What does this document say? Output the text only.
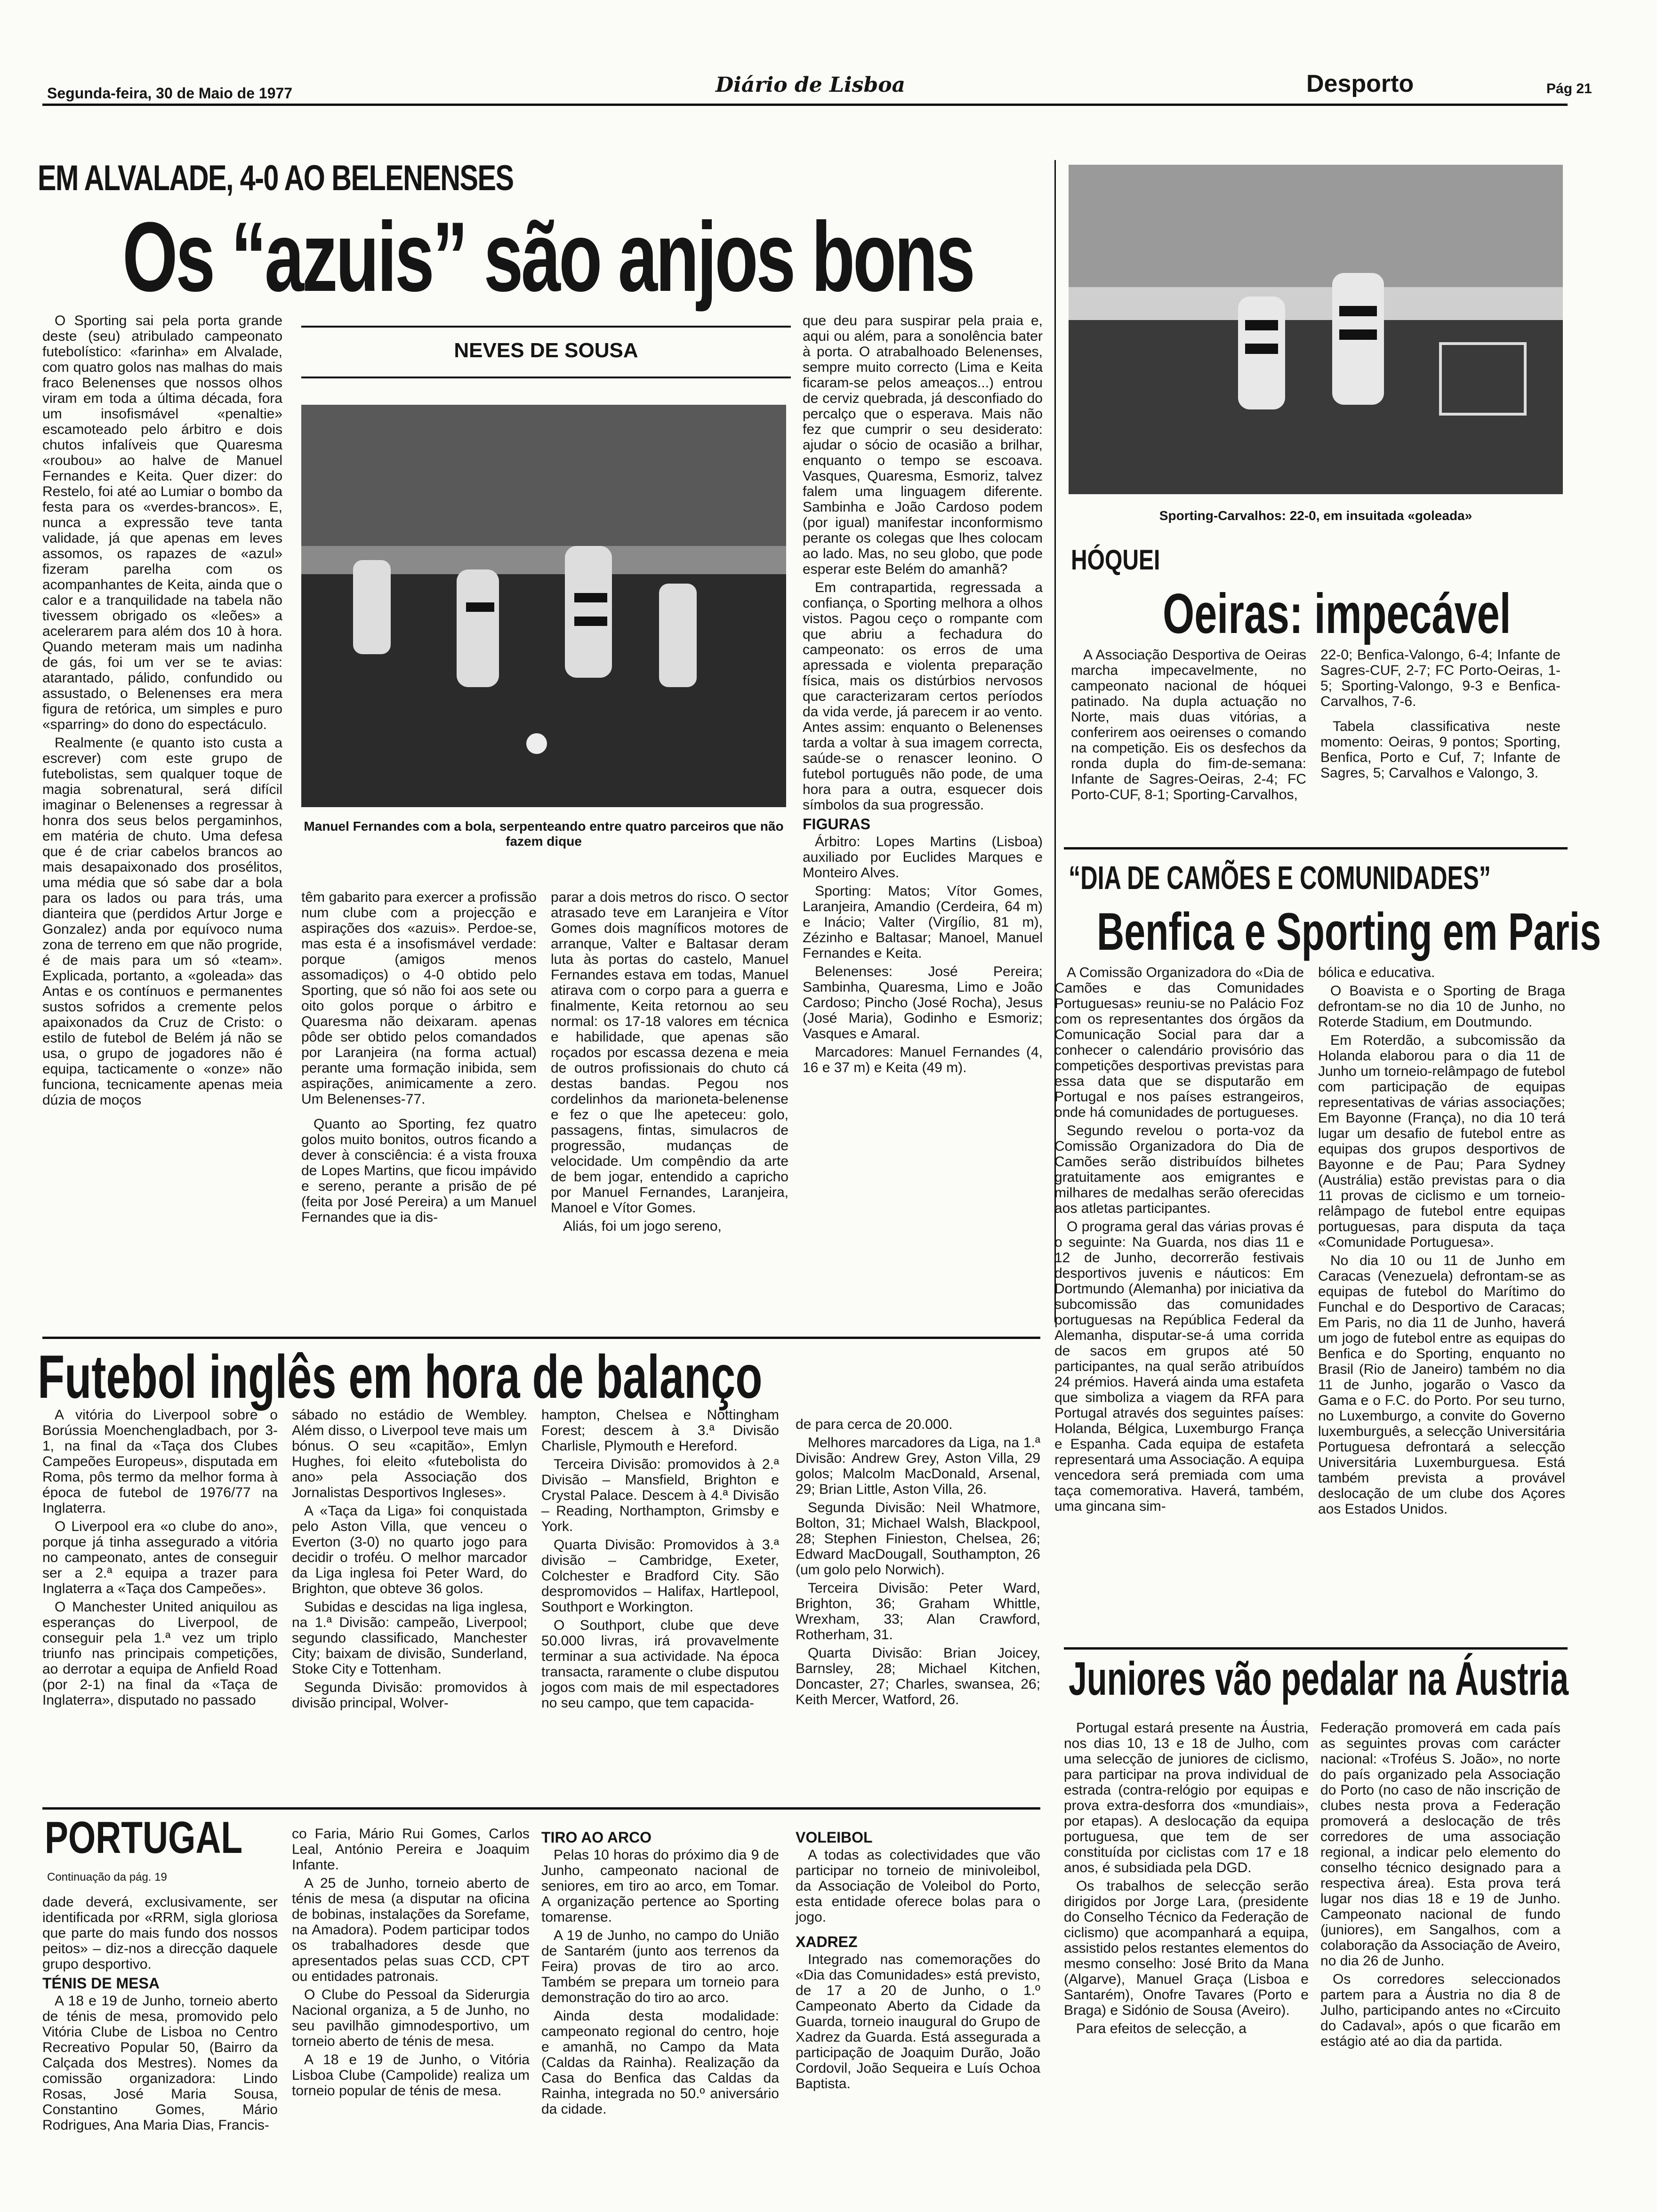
Segunda-feira, 30 de Maio de 1977	Diário de Lisboa	Desporto	Pág 21
EM ALVALADE, 4-0 AO BELENENSES
Os “azuis” são anjos bons

O Sporting sai pela porta grande deste (seu) atribulado campeonato futebolístico: «farinha» em Alvalade, com quatro golos nas malhas do mais fraco Belenenses que nossos olhos viram em toda a última década, fora um insofismável «penaltie» escamoteado pelo árbitro e dois chutos infalíveis que Quaresma «roubou» ao halve de Manuel Fernandes e Keita. Quer dizer: do Restelo, foi até ao Lumiar o bombo da festa para os «verdes-brancos». E, nunca a expressão teve tanta validade, já que apenas em leves assomos, os rapazes de «azul» fizeram parelha com os acompanhantes de Keita, ainda que o calor e a tranquilidade na tabela não tivessem obrigado os «leões» a acelerarem para além dos 10 à hora. Quando meteram mais um nadinha de gás, foi um ver se te avias: atarantado, pálido, confundido ou assustado, o Belenenses era mera figura de retórica, um simples e puro «sparring» do dono do espectáculo.

Realmente (e quanto isto custa a escrever) com este grupo de futebolistas, sem qualquer toque de magia sobrenatural, será difícil imaginar o Belenenses a regressar à honra dos seus belos pergaminhos, em matéria de chuto. Uma defesa que é de criar cabelos brancos ao mais desapaixonado dos prosélitos, uma média que só sabe dar a bola para os lados ou para trás, uma dianteira que (perdidos Artur Jorge e Gonzalez) anda por equívoco numa zona de terreno em que não progride, é de mais para um só «team». Explicada, portanto, a «goleada» das Antas e os contínuos e permanentes sustos sofridos a cremente pelos apaixonados da Cruz de Cristo: o estilo de futebol de Belém já não se usa, o grupo de jogadores não é equipa, tacticamente o «onze» não funciona, tecnicamente apenas meia dúzia de moços

NEVES DE SOUSA
Manuel Fernandes com a bola, serpenteando entre quatro parceiros que não fazem dique

têm gabarito para exercer a profissão num clube com a projecção e aspirações dos «azuis». Perdoe-se, mas esta é a insofismável verdade: porque (amigos menos assomadiços) o 4-0 obtido pelo Sporting, que só não foi aos sete ou oito golos porque o árbitro e Quaresma não deixaram. apenas pôde ser obtido pelos comandados por Laranjeira (na forma actual) perante uma formação inibida, sem aspirações, animicamente a zero. Um Belenenses-77.

Quanto ao Sporting, fez quatro golos muito bonitos, outros ficando a dever à consciência: é a vista frouxa de Lopes Martins, que ficou impávido e sereno, perante a prisão de pé (feita por José Pereira) a um Manuel Fernandes que ia dis-

parar a dois metros do risco. O sector atrasado teve em Laranjeira e Vítor Gomes dois magníficos motores de arranque, Valter e Baltasar deram luta às portas do castelo, Manuel Fernandes estava em todas, Manuel atirava com o corpo para a guerra e finalmente, Keita retornou ao seu normal: os 17-18 valores em técnica e habilidade, que apenas são roçados por escassa dezena e meia de outros profissionais do chuto cá destas bandas. Pegou nos cordelinhos da marioneta-belenense e fez o que lhe apeteceu: golo, passagens, fintas, simulacros de progressão, mudanças de velocidade. Um compêndio da arte de bem jogar, entendido a capricho por Manuel Fernandes, Laranjeira, Manoel e Vítor Gomes.

Aliás, foi um jogo sereno,

que deu para suspirar pela praia e, aqui ou além, para a sonolência bater à porta. O atrabalhoado Belenenses, sempre muito correcto (Lima e Keita ficaram-se pelos ameaços...) entrou de cerviz quebrada, já desconfiado do percalço que o esperava. Mais não fez que cumprir o seu desiderato: ajudar o sócio de ocasião a brilhar, enquanto o tempo se escoava. Vasques, Quaresma, Esmoriz, talvez falem uma linguagem diferente. Sambinha e João Cardoso podem (por igual) manifestar inconformismo perante os colegas que lhes colocam ao lado. Mas, no seu globo, que pode esperar este Belém do amanhã?

Em contrapartida, regressada a confiança, o Sporting melhora a olhos vistos. Pagou ceço o rompante com que abriu a fechadura do campeonato: os erros de uma apressada e violenta preparação física, mais os distúrbios nervosos que caracterizaram certos períodos da vida verde, já parecem ir ao vento. Antes assim: enquanto o Belenenses tarda a voltar à sua imagem correcta, saúde-se o renascer leonino. O futebol português não pode, de uma hora para a outra, esquecer dois símbolos da sua progressão.

FIGURAS

Árbitro: Lopes Martins (Lisboa) auxiliado por Euclides Marques e Monteiro Alves.

Sporting: Matos; Vítor Gomes, Laranjeira, Amandio (Cerdeira, 64 m) e Inácio; Valter (Virgílio, 81 m), Zézinho e Baltasar; Manoel, Manuel Fernandes e Keita.

Belenenses: José Pereira; Sambinha, Quaresma, Limo e João Cardoso; Pincho (José Rocha), Jesus (José Maria), Godinho e Esmoriz; Vasques e Amaral.

Marcadores: Manuel Fernandes (4, 16 e 37 m) e Keita (49 m).

Sporting-Carvalhos: 22-0, em insuitada «goleada»
HÓQUEI
Oeiras: impecável

A Associação Desportiva de Oeiras marcha impecavelmente, no campeonato nacional de hóquei patinado. Na dupla actuação no Norte, mais duas vitórias, a conferirem aos oeirenses o comando na competição. Eis os desfechos da ronda dupla do fim-de-semana: Infante de Sagres-Oeiras, 2-4; FC Porto-CUF, 8-1; Sporting-Carvalhos,

22-0; Benfica-Valongo, 6-4; Infante de Sagres-CUF, 2-7; FC Porto-Oeiras, 1-5; Sporting-Valongo, 9-3 e Benfica-Carvalhos, 7-6.

Tabela classificativa neste momento: Oeiras, 9 pontos; Sporting, Benfica, Porto e Cuf, 7; Infante de Sagres, 5; Carvalhos e Valongo, 3.

“DIA DE CAMÕES E COMUNIDADES”
Benfica e Sporting em Paris

A Comissão Organizadora do «Dia de Camões e das Comunidades Portuguesas» reuniu-se no Palácio Foz com os representantes dos órgãos da Comunicação Social para dar a conhecer o calendário provisório das competições desportivas previstas para essa data que se disputarão em Portugal e nos países estrangeiros, onde há comunidades de portugueses.

Segundo revelou o porta-voz da Comissão Organizadora do Dia de Camões serão distribuídos bilhetes gratuitamente aos emigrantes e milhares de medalhas serão oferecidas aos atletas participantes.

O programa geral das várias provas é o seguinte: Na Guarda, nos dias 11 e 12 de Junho, decorrerão festivais desportivos juvenis e náuticos: Em Dortmundo (Alemanha) por iniciativa da subcomissão das comunidades portuguesas na República Federal da Alemanha, disputar-se-á uma corrida de sacos em grupos até 50 participantes, na qual serão atribuídos 24 prémios. Haverá ainda uma estafeta que simboliza a viagem da RFA para Portugal através dos seguintes países: Holanda, Bélgica, Luxemburgo França e Espanha. Cada equipa de estafeta representará uma Associação. A equipa vencedora será premiada com uma taça comemorativa. Haverá, também, uma gincana sim-

bólica e educativa.

O Boavista e o Sporting de Braga defrontam-se no dia 10 de Junho, no Roterde Stadium, em Doutmundo.

Em Roterdão, a subcomissão da Holanda elaborou para o dia 11 de Junho um torneio-relâmpago de futebol com participação de equipas representativas de várias associações; Em Bayonne (França), no dia 10 terá lugar um desafio de futebol entre as equipas dos grupos desportivos de Bayonne e de Pau; Para Sydney (Austrália) estão previstas para o dia 11 provas de ciclismo e um torneio-relâmpago de futebol entre equipas portuguesas, para disputa da taça «Comunidade Portuguesa».

No dia 10 ou 11 de Junho em Caracas (Venezuela) defrontam-se as equipas de futebol do Marítimo do Funchal e do Desportivo de Caracas; Em Paris, no dia 11 de Junho, haverá um jogo de futebol entre as equipas do Benfica e do Sporting, enquanto no Brasil (Rio de Janeiro) também no dia 11 de Junho, jogarão o Vasco da Gama e o F.C. do Porto. Por seu turno, no Luxemburgo, a convite do Governo luxemburguês, a selecção Universitária Portuguesa defrontará a selecção Universitária Luxemburguesa. Está também prevista a provável deslocação de um clube dos Açores aos Estados Unidos.

Futebol inglês em hora de balanço

A vitória do Liverpool sobre o Borússia Moenchengladbach, por 3-1, na final da «Taça dos Clubes Campeões Europeus», disputada em Roma, pôs termo da melhor forma à época de futebol de 1976/77 na Inglaterra.

O Liverpool era «o clube do ano», porque já tinha assegurado a vitória no campeonato, antes de conseguir ser a 2.ª equipa a trazer para Inglaterra a «Taça dos Campeões».

O Manchester United aniquilou as esperanças do Liverpool, de conseguir pela 1.ª vez um triplo triunfo nas principais competições, ao derrotar a equipa de Anfield Road (por 2-1) na final da «Taça de Inglaterra», disputado no passado

sábado no estádio de Wembley. Além disso, o Liverpool teve mais um bónus. O seu «capitão», Emlyn Hughes, foi eleito «futebolista do ano» pela Associação dos Jornalistas Desportivos Ingleses».

A «Taça da Liga» foi conquistada pelo Aston Villa, que venceu o Everton (3-0) no quarto jogo para decidir o troféu. O melhor marcador da Liga inglesa foi Peter Ward, do Brighton, que obteve 36 golos.

Subidas e descidas na liga inglesa, na 1.ª Divisão: campeão, Liverpool; segundo classificado, Manchester City; baixam de divisão, Sunderland, Stoke City e Tottenham.

Segunda Divisão: promovidos à divisão principal, Wolver-

hampton, Chelsea e Nottingham Forest; descem à 3.ª Divisão Charlisle, Plymouth e Hereford.

Terceira Divisão: promovidos à 2.ª Divisão – Mansfield, Brighton e Crystal Palace. Descem à 4.ª Divisão – Reading, Northampton, Grimsby e York.

Quarta Divisão: Promovidos à 3.ª divisão – Cambridge, Exeter, Colchester e Bradford City. São despromovidos – Halifax, Hartlepool, Southport e Workington.

O Southport, clube que deve 50.000 livras, irá provavelmente terminar a sua actividade. Na época transacta, raramente o clube disputou jogos com mais de mil espectadores no seu campo, que tem capacida-

de para cerca de 20.000.

Melhores marcadores da Liga, na 1.ª Divisão: Andrew Grey, Aston Villa, 29 golos; Malcolm MacDonald, Arsenal, 29; Brian Little, Aston Villa, 26.

Segunda Divisão: Neil Whatmore, Bolton, 31; Michael Walsh, Blackpool, 28; Stephen Finieston, Chelsea, 26; Edward MacDougall, Southampton, 26 (um golo pelo Norwich).

Terceira Divisão: Peter Ward, Brighton, 36; Graham Whittle, Wrexham, 33; Alan Crawford, Rotherham, 31.

Quarta Divisão: Brian Joicey, Barnsley, 28; Michael Kitchen, Doncaster, 27; Charles, swansea, 26; Keith Mercer, Watford, 26.

PORTUGAL
Continuação da pág. 19

dade deverá, exclusivamente, ser identificada por «RRM, sigla gloriosa que parte do mais fundo dos nossos peitos» – diz-nos a direcção daquele grupo desportivo.

TÉNIS DE MESA

A 18 e 19 de Junho, torneio aberto de ténis de mesa, promovido pelo Vitória Clube de Lisboa no Centro Recreativo Popular 50, (Bairro da Calçada dos Mestres). Nomes da comissão organizadora: Lindo Rosas, José Maria Sousa, Constantino Gomes, Mário Rodrigues, Ana Maria Dias, Francis-

co Faria, Mário Rui Gomes, Carlos Leal, António Pereira e Joaquim Infante.

A 25 de Junho, torneio aberto de ténis de mesa (a disputar na oficina de bobinas, instalações da Sorefame, na Amadora). Podem participar todos os trabalhadores desde que apresentados pelas suas CCD, CPT ou entidades patronais.

O Clube do Pessoal da Siderurgia Nacional organiza, a 5 de Junho, no seu pavilhão gimnodesportivo, um torneio aberto de ténis de mesa.

A 18 e 19 de Junho, o Vitória Lisboa Clube (Campolide) realiza um torneio popular de ténis de mesa.

TIRO AO ARCO

Pelas 10 horas do próximo dia 9 de Junho, campeonato nacional de seniores, em tiro ao arco, em Tomar. A organização pertence ao Sporting tomarense.

A 19 de Junho, no campo do União de Santarém (junto aos terrenos da Feira) provas de tiro ao arco. Também se prepara um torneio para demonstração do tiro ao arco.

Ainda desta modalidade: campeonato regional do centro, hoje e amanhã, no Campo da Mata (Caldas da Rainha). Realização da Casa do Benfica das Caldas da Rainha, integrada no 50.º aniversário da cidade.

VOLEIBOL

A todas as colectividades que vão participar no torneio de minivoleibol, da Associação de Voleibol do Porto, esta entidade oferece bolas para o jogo.

XADREZ

Integrado nas comemorações do «Dia das Comunidades» está previsto, de 17 a 20 de Junho, o 1.º Campeonato Aberto da Cidade da Guarda, torneio inaugural do Grupo de Xadrez da Guarda. Está assegurada a participação de Joaquim Durão, João Cordovil, João Sequeira e Luís Ochoa Baptista.

Juniores vão pedalar na Áustria

Portugal estará presente na Áustria, nos dias 10, 13 e 18 de Julho, com uma selecção de juniores de ciclismo, para participar na prova individual de estrada (contra-relógio por equipas e prova extra-desforra dos «mundiais», por etapas). A deslocação da equipa portuguesa, que tem de ser constituída por ciclistas com 17 e 18 anos, é subsidiada pela DGD.

Os trabalhos de selecção serão dirigidos por Jorge Lara, (presidente do Conselho Técnico da Federação de ciclismo) que acompanhará a equipa, assistido pelos restantes elementos do mesmo conselho: José Brito da Mana (Algarve), Manuel Graça (Lisboa e Santarém), Onofre Tavares (Porto e Braga) e Sidónio de Sousa (Aveiro).

Para efeitos de selecção, a

Federação promoverá em cada país as seguintes provas com carácter nacional: «Troféus S. João», no norte do país organizado pela Associação do Porto (no caso de não inscrição de clubes nesta prova a Federação promoverá a deslocação de três corredores de uma associação regional, a indicar pelo elemento do conselho técnico designado para a respectiva área). Esta prova terá lugar nos dias 18 e 19 de Junho. Campeonato nacional de fundo (juniores), em Sangalhos, com a colaboração da Associação de Aveiro, no dia 26 de Junho.

Os corredores seleccionados partem para a Áustria no dia 8 de Julho, participando antes no «Circuito do Cadaval», após o que ficarão em estágio até ao dia da partida.
